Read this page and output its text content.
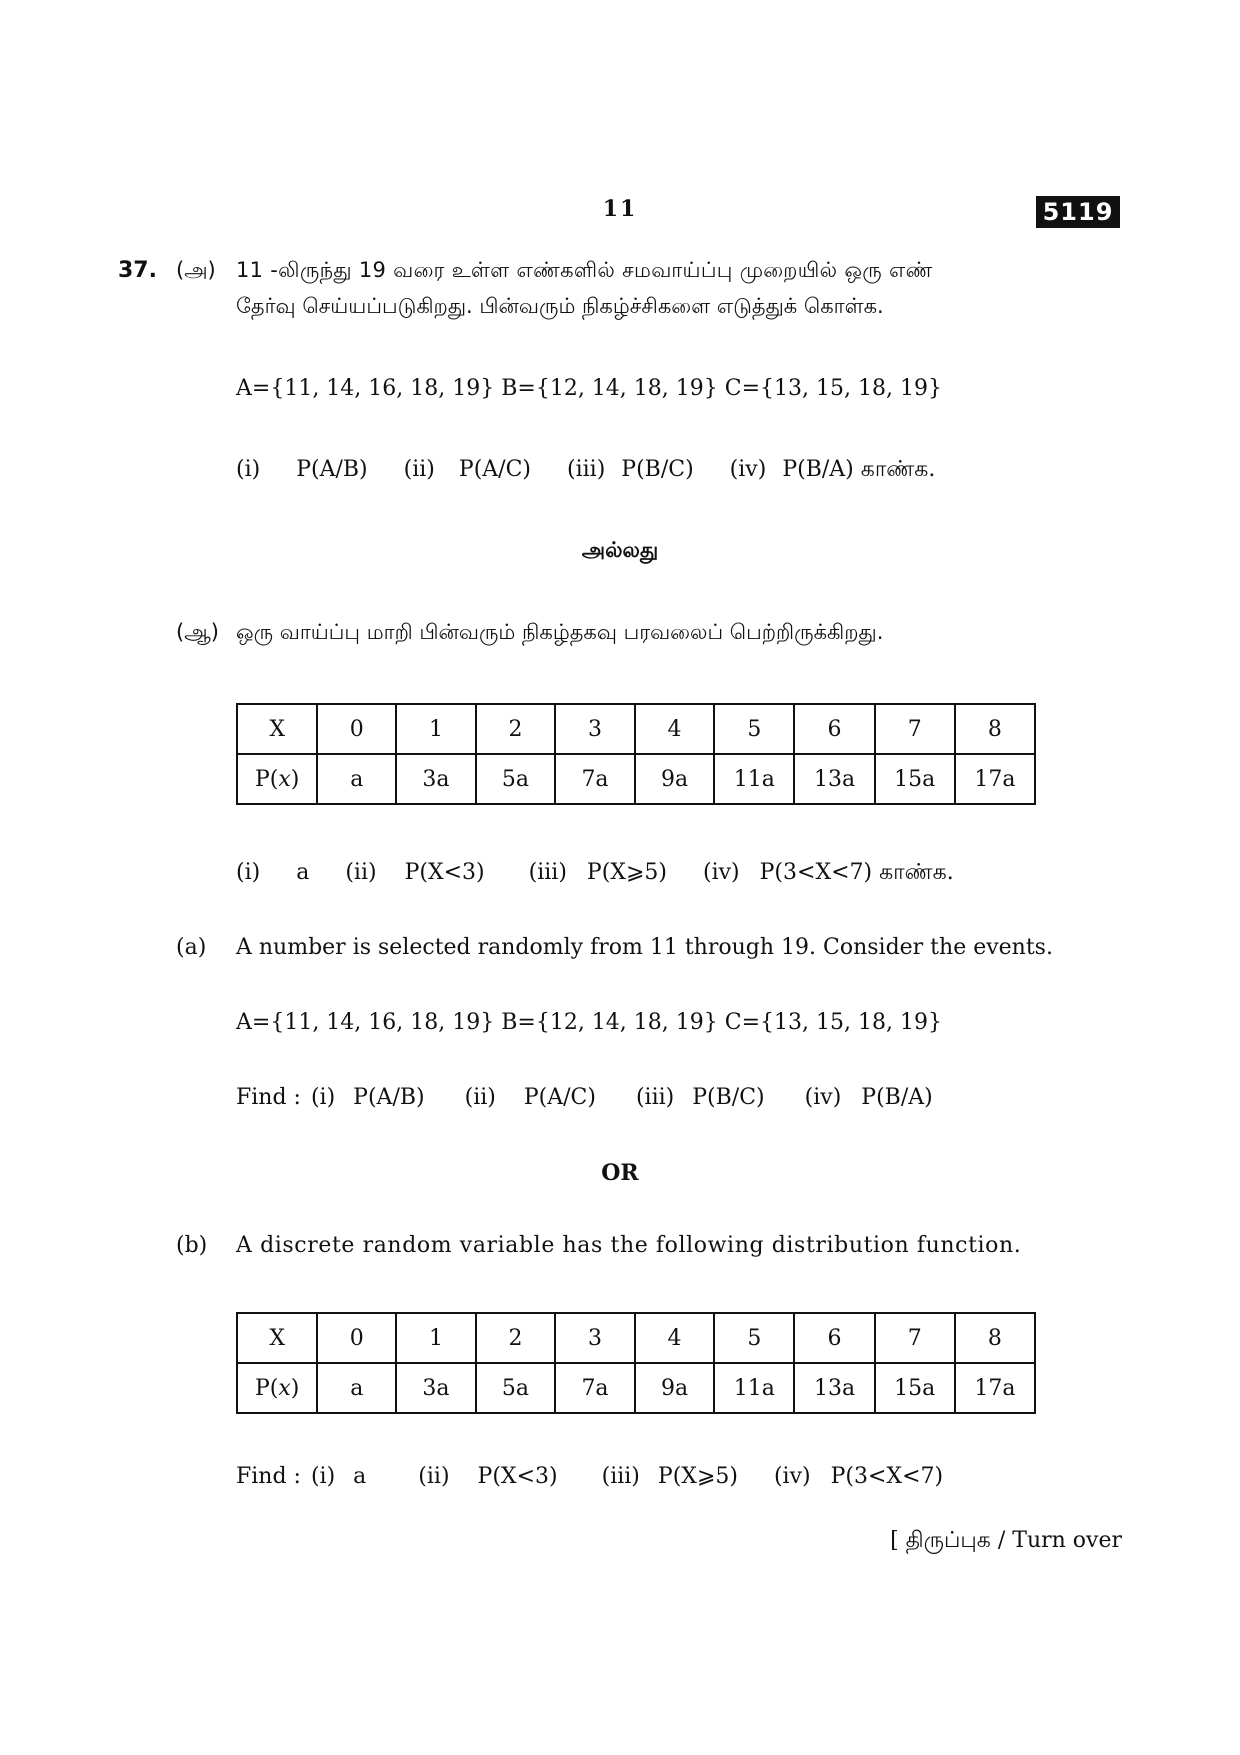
11	5119
37. (அ) 11 -லிருந்து 19 வரை உள்ள எண்களில் சமவாய்ப்பு முறையில் ஒரு எண்
தேர்வு செய்யப்படுகிறது. பின்வரும் நிகழ்ச்சிகளை எடுத்துக் கொள்க.
A={11, 14, 16, 18, 19} B={12, 14, 18, 19} C={13, 15, 18, 19}
(i) P(A/B) (ii) P(A/C) (iii) P(B/C) (iv) P(B/A) காண்க.
அல்லது
(ஆ) ஒரு வாய்ப்பு மாறி பின்வரும் நிகழ்தகவு பரவலைப் பெற்றிருக்கிறது.
X	0	1	2	3	4	5	6	7	8
P(x)	a	3a	5a	7a	9a	11a	13a	15a	17a
(i) a (ii) P(X<3) (iii) P(X⩾5) (iv) P(3<X<7) காண்க.
(a) A number is selected randomly from 11 through 19. Consider the events.
A={11, 14, 16, 18, 19} B={12, 14, 18, 19} C={13, 15, 18, 19}
Find : (i) P(A/B) (ii) P(A/C) (iii) P(B/C) (iv) P(B/A)
OR
(b) A discrete random variable has the following distribution function.
X	0	1	2	3	4	5	6	7	8
P(x)	a	3a	5a	7a	9a	11a	13a	15a	17a
Find : (i) a (ii) P(X<3) (iii) P(X⩾5) (iv) P(3<X<7)
[ திருப்புக / Turn over
